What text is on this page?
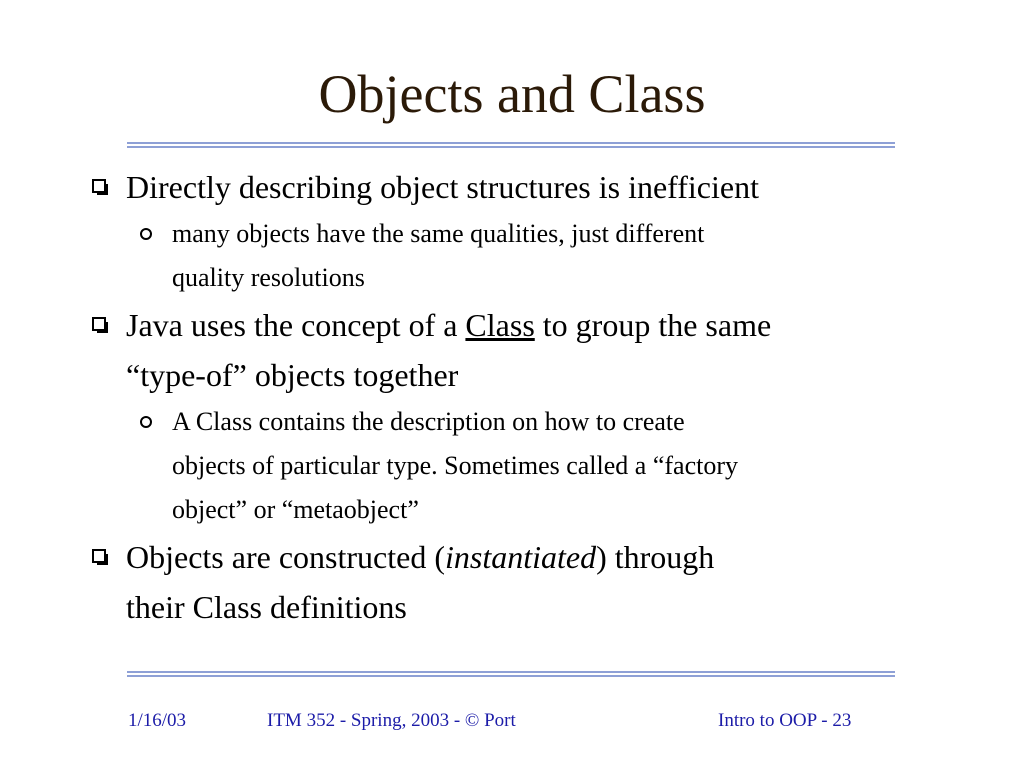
Objects and Class
Directly describing object structures is inefficient
many objects have the same qualities, just different
quality resolutions
Java uses the concept of a Class to group the same
“type-of” objects together
A Class contains the description on how to create
objects of particular type. Sometimes called a “factory
object” or “metaobject”
Objects are constructed (instantiated) through
their Class definitions
1/16/03	ITM 352 - Spring, 2003 - © Port	Intro to OOP - 23
